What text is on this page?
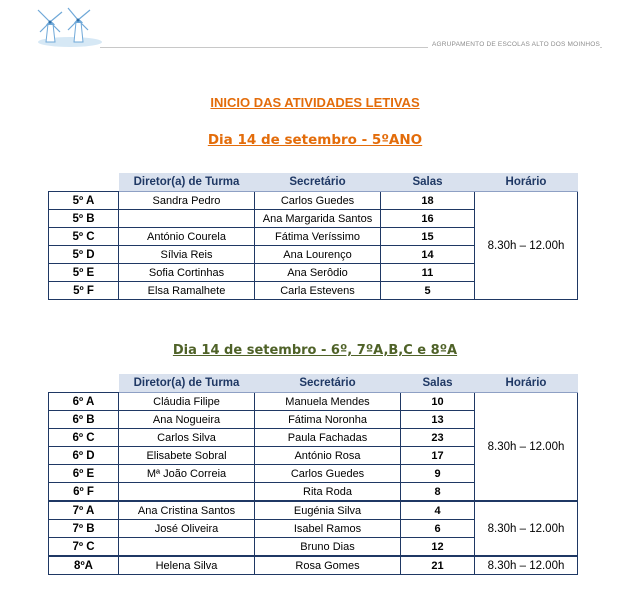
AGRUPAMENTO DE ESCOLAS ALTO DOS MOINHOS
INICIO DAS ATIVIDADES LETIVAS
Dia 14 de setembro - 5ºANO
	Diretor(a) de Turma	Secretário	Salas	Horário
5º A	Sandra Pedro	Carlos Guedes	18	8.30h – 12.00h
5º B		Ana Margarida Santos	16	
5º C	António Courela	Fátima Veríssimo	15	
5º D	Sílvia Reis	Ana Lourenço	14	
5º E	Sofia Cortinhas	Ana Serôdio	11	
5º F	Elsa Ramalhete	Carla Estevens	5	
Dia 14 de setembro - 6º, 7ºA,B,C e 8ºA
	Diretor(a) de Turma	Secretário	Salas	Horário
6º A	Cláudia Filipe	Manuela Mendes	10	8.30h – 12.00h
6º B	Ana Nogueira	Fátima Noronha	13	
6º C	Carlos Silva	Paula Fachadas	23	
6º D	Elisabete Sobral	António Rosa	17	
6º E	Mª João Correia	Carlos Guedes	9	
6º F		Rita Roda	8	
7º A	Ana Cristina Santos	Eugénia Silva	4	8.30h – 12.00h
7º B	José Oliveira	Isabel Ramos	6	
7º C		Bruno Dias	12	
8ºA	Helena Silva	Rosa Gomes	21	8.30h – 12.00h
